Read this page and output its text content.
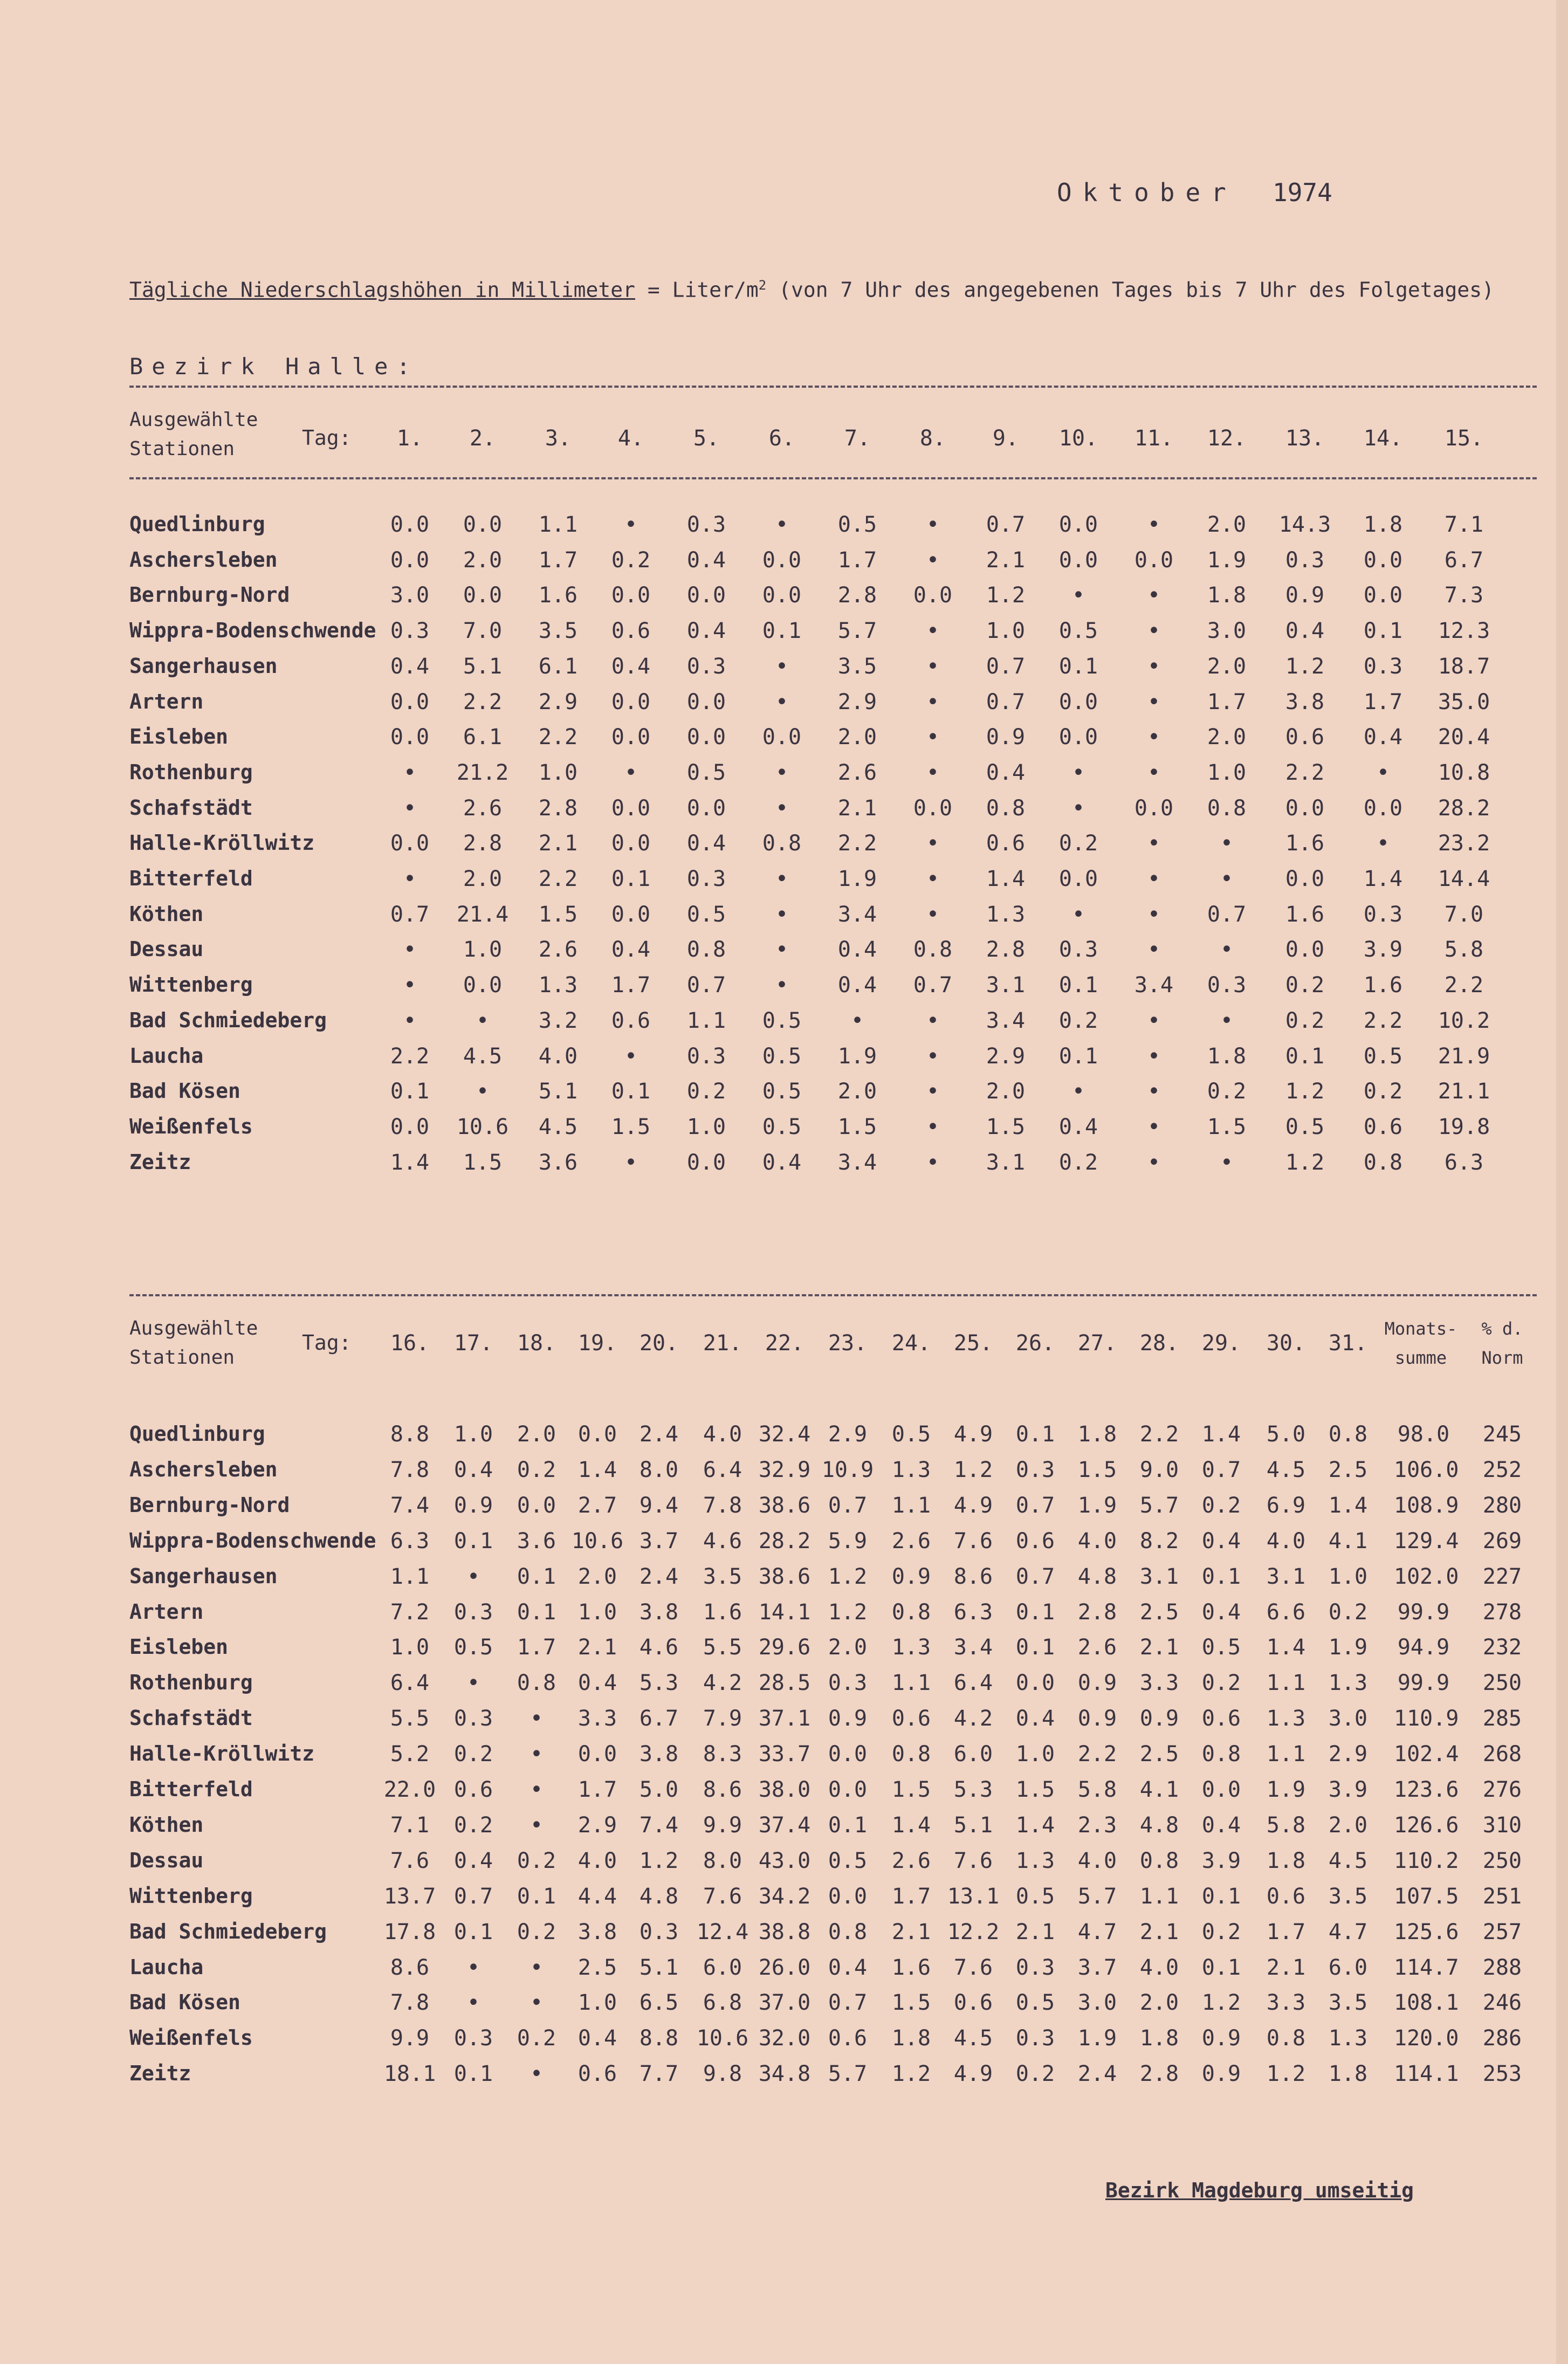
Oktober 1974
Tägliche Niederschlagshöhen in Millimeter = Liter/$m^2$ (von 7 Uhr des angegebenen Tages bis 7 Uhr des Folgetages)
Bezirk Halle:
Ausgewählte
Stationen	Tag:	1.	2.	3.	4.	5.	6.	7.	8.	9.	10.	11.	12.	13.	14.	15.
Quedlinburg	0.0	0.0	1.1	•	0.3	•	0.5	•	0.7	0.0	•	2.0	14.3	1.8	7.1
Aschersleben	0.0	2.0	1.7	0.2	0.4	0.0	1.7	•	2.1	0.0	0.0	1.9	0.3	0.0	6.7
Bernburg-Nord	3.0	0.0	1.6	0.0	0.0	0.0	2.8	0.0	1.2	•	•	1.8	0.9	0.0	7.3
Wippra-Bodenschwende 0.3	7.0	3.5	0.6	0.4	0.1	5.7	•	1.0	0.5	•	3.0	0.4	0.1	12.3
Sangerhausen	0.4	5.1	6.1	0.4	0.3	•	3.5	•	0.7	0.1	•	2.0	1.2	0.3	18.7
Artern	0.0	2.2	2.9	0.0	0.0	•	2.9	•	0.7	0.0	•	1.7	3.8	1.7	35.0
Eisleben	0.0	6.1	2.2	0.0	0.0	0.0	2.0	•	0.9	0.0	•	2.0	0.6	0.4	20.4
Rothenburg	•	21.2	1.0	•	0.5	•	2.6	•	0.4	•	•	1.0	2.2	•	10.8
Schafstädt	•	2.6	2.8	0.0	0.0	•	2.1	0.0	0.8	•	0.0	0.8	0.0	0.0	28.2
Halle-Kröllwitz	0.0	2.8	2.1	0.0	0.4	0.8	2.2	•	0.6	0.2	•	•	1.6	•	23.2
Bitterfeld	•	2.0	2.2	0.1	0.3	•	1.9	•	1.4	0.0	•	•	0.0	1.4	14.4
Köthen	0.7	21.4	1.5	0.0	0.5	•	3.4	•	1.3	•	•	0.7	1.6	0.3	7.0
Dessau	•	1.0	2.6	0.4	0.8	•	0.4	0.8	2.8	0.3	•	•	0.0	3.9	5.8
Wittenberg	•	0.0	1.3	1.7	0.7	•	0.4	0.7	3.1	0.1	3.4	0.3	0.2	1.6	2.2
Bad Schmiedeberg	•	•	3.2	0.6	1.1	0.5	•	•	3.4	0.2	•	•	0.2	2.2	10.2
Laucha	2.2	4.5	4.0	•	0.3	0.5	1.9	•	2.9	0.1	•	1.8	0.1	0.5	21.9
Bad Kösen	0.1	•	5.1	0.1	0.2	0.5	2.0	•	2.0	•	•	0.2	1.2	0.2	21.1
Weißenfels	0.0	10.6	4.5	1.5	1.0	0.5	1.5	•	1.5	0.4	•	1.5	0.5	0.6	19.8
Zeitz	1.4	1.5	3.6	•	0.0	0.4	3.4	•	3.1	0.2	•	•	1.2	0.8	6.3
Ausgewählte
Stationen
Tag:	16.	17.	18.	19.	20.	21.	22.	23.	24.	25.	26.	27.	28.	29.	30.	31.
Monats-
summe
% d.
Norm
Quedlinburg	8.8	1.0	2.0	0.0	2.4	4.0 32.4 2.9	0.5	4.9	0.1	1.8	2.2	1.4	5.0	0.8	98.0	245
Aschersleben	7.8	0.4	0.2	1.4	8.0	6.4 32.9 10.9 1.3	1.2	0.3	1.5	9.0	0.7	4.5	2.5	106.0	252
Bernburg-Nord	7.4	0.9	0.0	2.7	9.4	7.8 38.6 0.7	1.1	4.9	0.7	1.9	5.7	0.2	6.9	1.4	108.9	280
Wippra-Bodenschwende 6.3	0.1	3.6 10.6 3.7	4.6 28.2 5.9	2.6	7.6	0.6	4.0	8.2	0.4	4.0	4.1	129.4	269
Sangerhausen	1.1	•	0.1	2.0	2.4	3.5 38.6 1.2	0.9	8.6	0.7	4.8	3.1	0.1	3.1	1.0	102.0	227
Artern	7.2	0.3	0.1	1.0	3.8	1.6 14.1 1.2	0.8	6.3	0.1	2.8	2.5	0.4	6.6	0.2	99.9	278
Eisleben	1.0	0.5	1.7	2.1	4.6	5.5 29.6 2.0	1.3	3.4	0.1	2.6	2.1	0.5	1.4	1.9	94.9	232
Rothenburg	6.4	•	0.8	0.4	5.3	4.2 28.5 0.3	1.1	6.4	0.0	0.9	3.3	0.2	1.1	1.3	99.9	250
Schafstädt	5.5	0.3	•	3.3	6.7	7.9 37.1 0.9	0.6	4.2	0.4	0.9	0.9	0.6	1.3	3.0	110.9	285
Halle-Kröllwitz	5.2	0.2	•	0.0	3.8	8.3 33.7 0.0	0.8	6.0	1.0	2.2	2.5	0.8	1.1	2.9	102.4	268
Bitterfeld	22.0 0.6	•	1.7	5.0	8.6 38.0 0.0	1.5	5.3	1.5	5.8	4.1	0.0	1.9	3.9	123.6	276
Köthen	7.1	0.2	•	2.9	7.4	9.9 37.4 0.1	1.4	5.1	1.4	2.3	4.8	0.4	5.8	2.0	126.6	310
Dessau	7.6	0.4	0.2	4.0	1.2	8.0 43.0 0.5	2.6	7.6	1.3	4.0	0.8	3.9	1.8	4.5	110.2	250
Wittenberg	13.7 0.7	0.1	4.4	4.8	7.6 34.2 0.0	1.7 13.1 0.5	5.7	1.1	0.1	0.6	3.5	107.5	251
Bad Schmiedeberg	17.8 0.1	0.2	3.8	0.3 12.4 38.8 0.8	2.1 12.2 2.1	4.7	2.1	0.2	1.7	4.7	125.6	257
Laucha	8.6	•	•	2.5	5.1	6.0 26.0 0.4	1.6	7.6	0.3	3.7	4.0	0.1	2.1	6.0	114.7	288
Bad Kösen	7.8	•	•	1.0	6.5	6.8 37.0 0.7	1.5	0.6	0.5	3.0	2.0	1.2	3.3	3.5	108.1	246
Weißenfels	9.9	0.3	0.2	0.4	8.8 10.6 32.0 0.6	1.8	4.5	0.3	1.9	1.8	0.9	0.8	1.3	120.0	286
Zeitz	18.1 0.1	•	0.6	7.7	9.8 34.8 5.7	1.2	4.9	0.2	2.4	2.8	0.9	1.2	1.8	114.1	253
Bezirk Magdeburg umseitig
